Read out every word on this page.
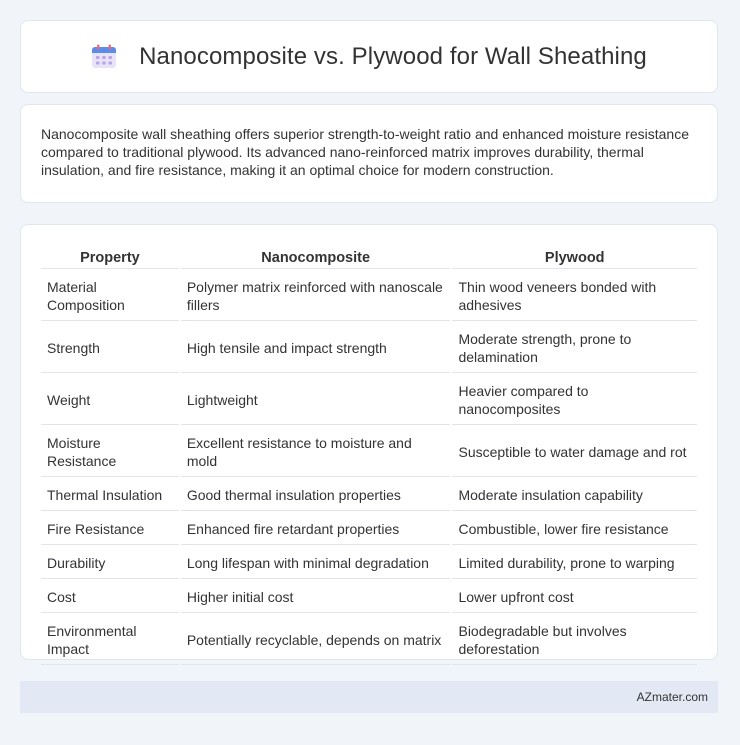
Nanocomposite vs. Plywood for Wall Sheathing

Nanocomposite wall sheathing offers superior strength-to-weight ratio and enhanced moisture resistance compared to traditional plywood. Its advanced nano-reinforced matrix improves durability, thermal insulation, and fire resistance, making it an optimal choice for modern construction.

Property	Nanocomposite	Plywood
Material Composition	Polymer matrix reinforced with nanoscale fillers	Thin wood veneers bonded with adhesives
Strength	High tensile and impact strength	Moderate strength, prone to delamination
Weight	Lightweight	Heavier compared to nanocomposites
Moisture Resistance	Excellent resistance to moisture and mold	Susceptible to water damage and rot
Thermal Insulation	Good thermal insulation properties	Moderate insulation capability
Fire Resistance	Enhanced fire retardant properties	Combustible, lower fire resistance
Durability	Long lifespan with minimal degradation	Limited durability, prone to warping
Cost	Higher initial cost	Lower upfront cost
Environmental Impact	Potentially recyclable, depends on matrix	Biodegradable but involves deforestation
AZmater.com
